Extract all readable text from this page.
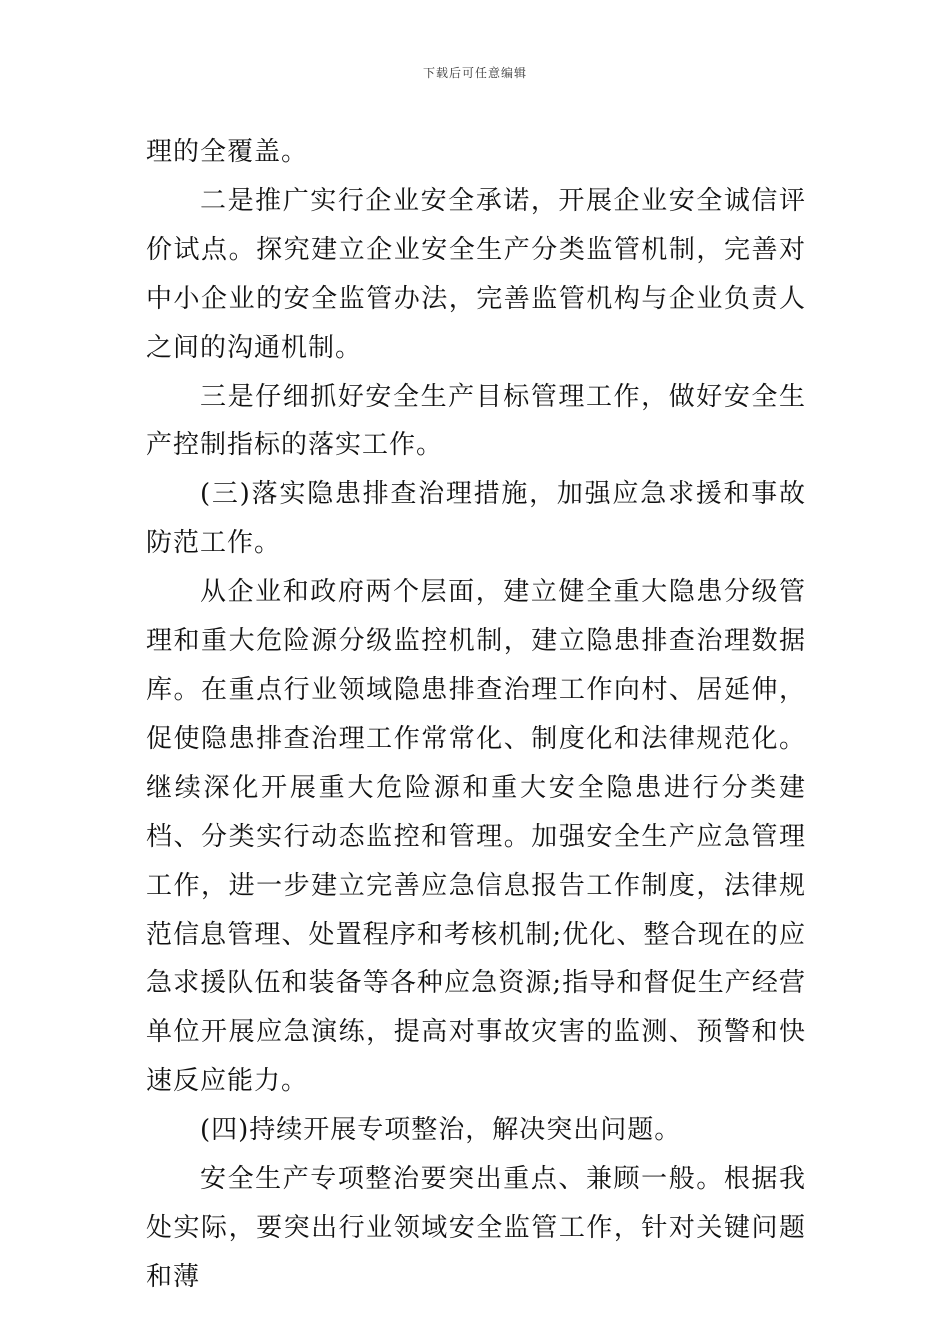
下载后可任意编辑

理的全覆盖。

二是推广实行企业安全承诺，开展企业安全诚信评价试点。探究建立企业安全生产分类监管机制，完善对中小企业的安全监管办法，完善监管机构与企业负责人之间的沟通机制。

三是仔细抓好安全生产目标管理工作，做好安全生产控制指标的落实工作。

(三)落实隐患排查治理措施，加强应急求援和事故防范工作。

从企业和政府两个层面，建立健全重大隐患分级管理和重大危险源分级监控机制，建立隐患排查治理数据库。在重点行业领域隐患排查治理工作向村、居延伸，促使隐患排查治理工作常常化、制度化和法律规范化。继续深化开展重大危险源和重大安全隐患进行分类建档、分类实行动态监控和管理。加强安全生产应急管理工作，进一步建立完善应急信息报告工作制度，法律规范信息管理、处置程序和考核机制;优化、整合现在的应急求援队伍和装备等各种应急资源;指导和督促生产经营单位开展应急演练，提高对事故灾害的监测、预警和快速反应能力。

(四)持续开展专项整治，解决突出问题。

安全生产专项整治要突出重点、兼顾一般。根据我处实际，要突出行业领域安全监管工作，针对关键问题和薄
